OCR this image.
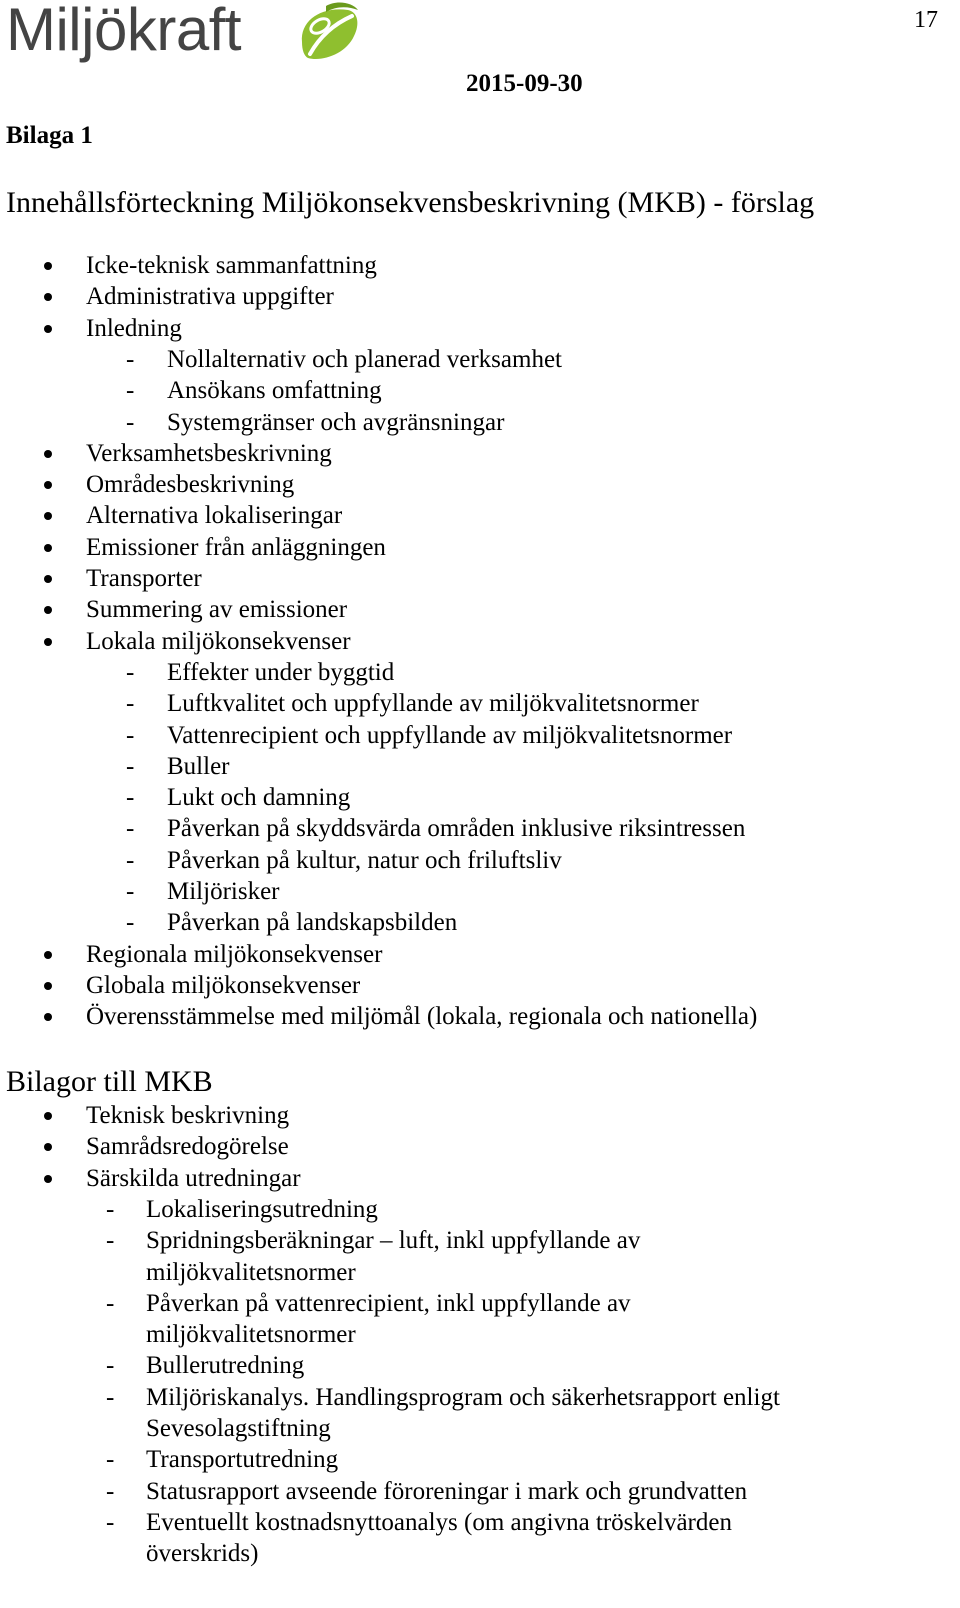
Miljökraft	17
2015-09-30
Bilaga 1
Innehållsförteckning Miljökonsekvensbeskrivning (MKB) - förslag
Icke-teknisk sammanfattning
Administrativa uppgifter
Inledning
- Nollalternativ och planerad verksamhet
- Ansökans omfattning
- Systemgränser och avgränsningar
Verksamhetsbeskrivning
Områdesbeskrivning
Alternativa lokaliseringar
Emissioner från anläggningen
Transporter
Summering av emissioner
Lokala miljökonsekvenser
- Effekter under byggtid
- Luftkvalitet och uppfyllande av miljökvalitetsnormer
- Vattenrecipient och uppfyllande av miljökvalitetsnormer
- Buller
- Lukt och damning
- Påverkan på skyddsvärda områden inklusive riksintressen
- Påverkan på kultur, natur och friluftsliv
- Miljörisker
- Påverkan på landskapsbilden
Regionala miljökonsekvenser
Globala miljökonsekvenser
Överensstämmelse med miljömål (lokala, regionala och nationella)
Bilagor till MKB
Teknisk beskrivning
Samrådsredogörelse
Särskilda utredningar
- Lokaliseringsutredning
- Spridningsberäkningar – luft, inkl uppfyllande av
miljökvalitetsnormer
- Påverkan på vattenrecipient, inkl uppfyllande av
miljökvalitetsnormer
- Bullerutredning
- Miljöriskanalys. Handlingsprogram och säkerhetsrapport enligt
Sevesolagstiftning
- Transportutredning
- Statusrapport avseende föroreningar i mark och grundvatten
- Eventuellt kostnadsnyttoanalys (om angivna tröskelvärden
överskrids)
